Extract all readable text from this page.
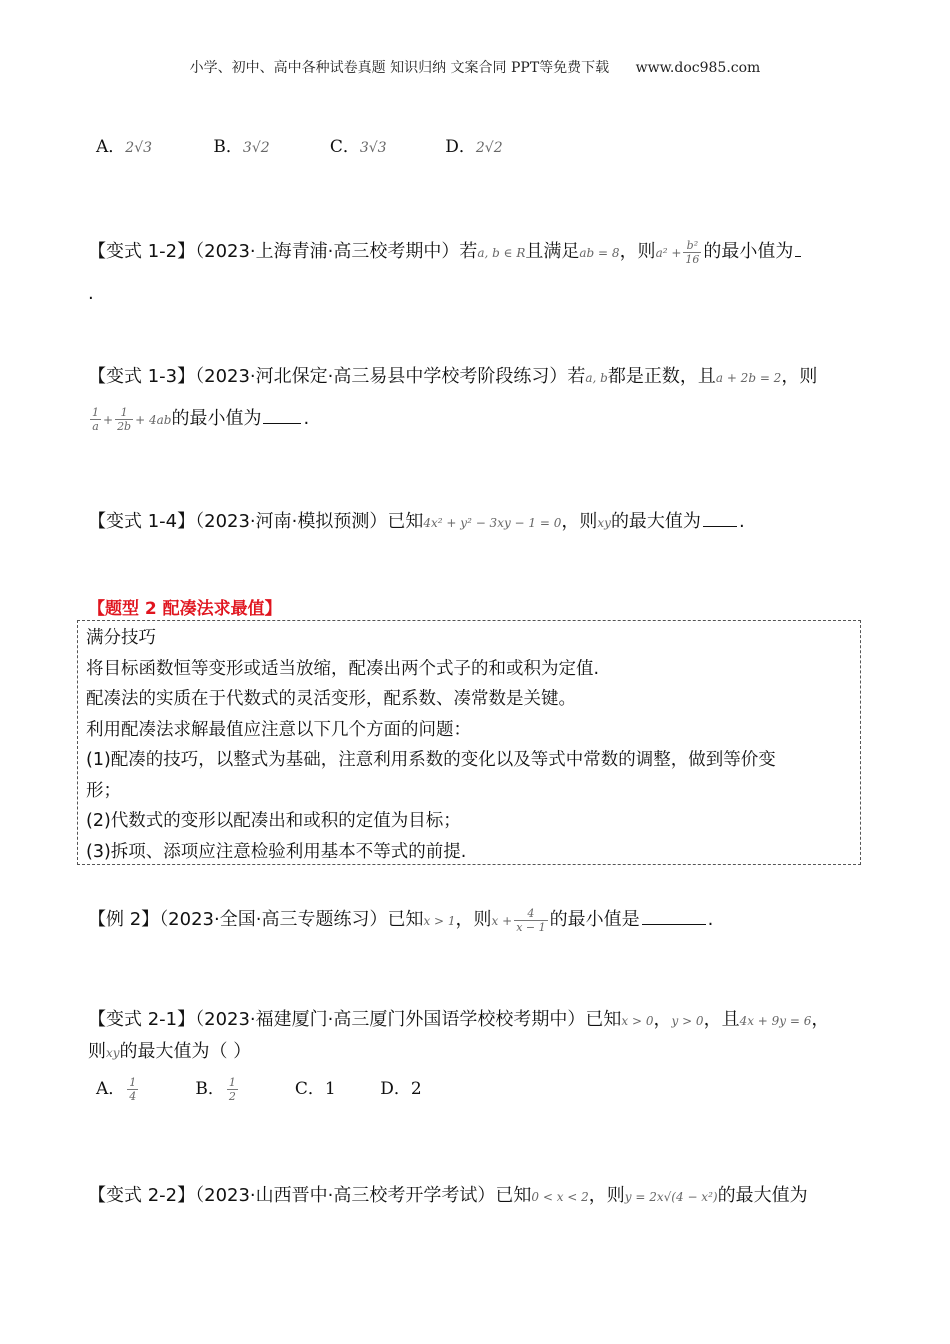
小学、初中、高中各种试卷真题 知识归纳 文案合同 PPT等免费下载 www.doc985.com
A．2√3	B．3√2	C．3√3	D．2√2
【变式 1-2】（2023·上海青浦·高三校考期中）若a, b ∈ R且满足ab = 8，则$a^2 + \frac{\text{b²}}{16}$ 的最小值为
.
【变式 1-3】（2023·河北保定·高三易县中学校考阶段练习）若a, b都是正数，且a + 2b = 2，则
$\frac{1}{a} + \frac{1}{2b} + 4ab$的最小值为 .
【变式 1-4】（2023·河南·模拟预测）已知4x² + y² − 3xy − 1 = 0，则xy的最大值为 .
【题型 2 配凑法求最值】
满分技巧
将目标函数恒等变形或适当放缩，配凑出两个式子的和或积为定值.
配凑法的实质在于代数式的灵活变形，配系数、凑常数是关键。
利用配凑法求解最值应注意以下几个方面的问题：
(1)配凑的技巧，以整式为基础，注意利用系数的变化以及等式中常数的调整，做到等价变
形；
(2)代数式的变形以配凑出和或积的定值为目标；
(3)拆项、添项应注意检验利用基本不等式的前提.
【例 2】（2023·全国·高三专题练习）已知x > 1，则$x + \frac{4}{x - 1}$ 的最小值是	.
【变式 2-1】（2023·福建厦门·高三厦门外国语学校校考期中）已知x > 0，y > 0，且4x + 9y = 6，
则xy的最大值为（ ）
A． $\frac{1}{4}$	B． $\frac{1}{2}$	C．1	D．2
【变式 2-2】（2023·山西晋中·高三校考开学考试）已知0 < x < 2，则y = 2x√(4 − x²)的最大值为
